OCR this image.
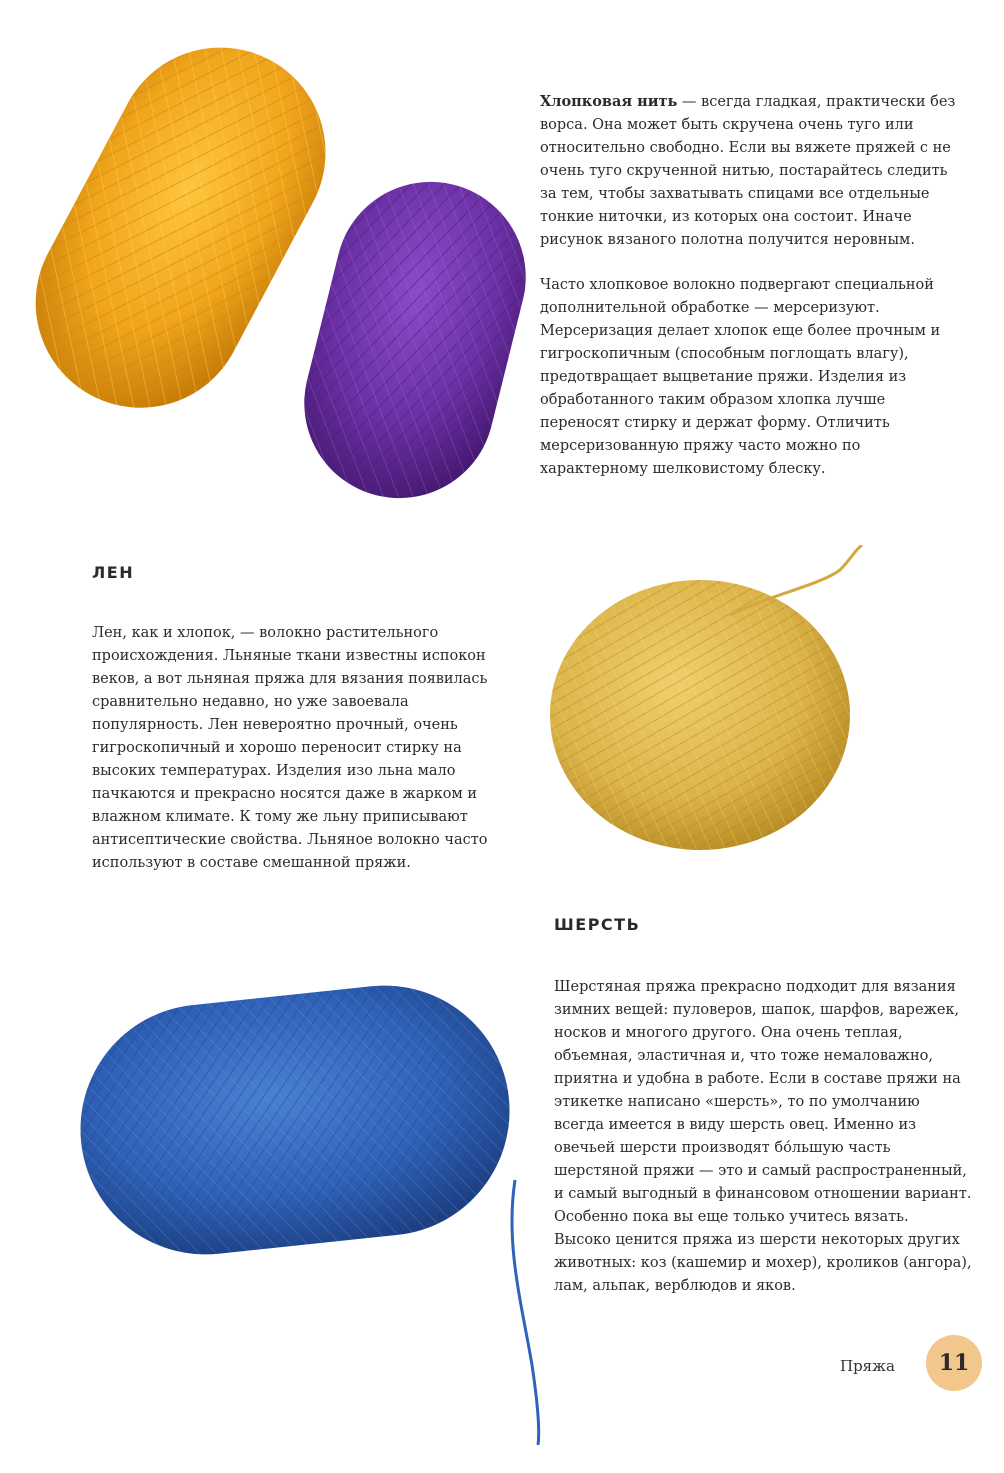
Хлопковая нить — всегда гладкая, практически без ворса. Она может быть скручена очень туго или относительно свободно. Если вы вяжете пряжей с не очень туго скрученной нитью, постарайтесь следить за тем, чтобы захватывать спицами все отдельные тонкие ниточки, из которых она состоит. Иначе рисунок вязаного полотна получится неровным.

Часто хлопковое волокно подвергают специальной дополнительной обработке — мерсеризуют. Мерсеризация делает хлопок еще более прочным и гигроскопичным (способным поглощать влагу), предотвращает выцветание пряжи. Изделия из обработанного таким образом хлопка лучше переносят стирку и держат форму. Отличить мерсеризованную пряжу часто можно по характерному шелковистому блеску.

ЛЕН

Лен, как и хлопок, — волокно растительного происхождения. Льняные ткани известны испокон веков, а вот льняная пряжа для вязания появилась сравнительно недавно, но уже завоевала популярность. Лен невероятно прочный, очень гигроскопичный и хорошо переносит стирку на высоких температурах. Изделия изо льна мало пачкаются и прекрасно носятся даже в жарком и влажном климате. К тому же льну приписывают антисептические свойства. Льняное волокно часто используют в составе смешанной пряжи.

ШЕРСТЬ

Шерстяная пряжа прекрасно подходит для вязания зимних вещей: пуловеров, шапок, шарфов, варежек, носков и многого другого. Она очень теплая, объемная, эластичная и, что тоже немаловажно, приятна и удобна в работе. Если в составе пряжи на этикетке написано «шерсть», то по умолчанию всегда имеется в виду шерсть овец. Именно из овечьей шерсти производят бо́льшую часть шерстяной пряжи — это и самый распространенный, и самый выгодный в финансовом отношении вариант. Особенно пока вы еще только учитесь вязать.

Высоко ценится пряжа из шерсти некоторых других животных: коз (кашемир и мохер), кроликов (ангора), лам, альпак, верблюдов и яков.

Пряжа 11
